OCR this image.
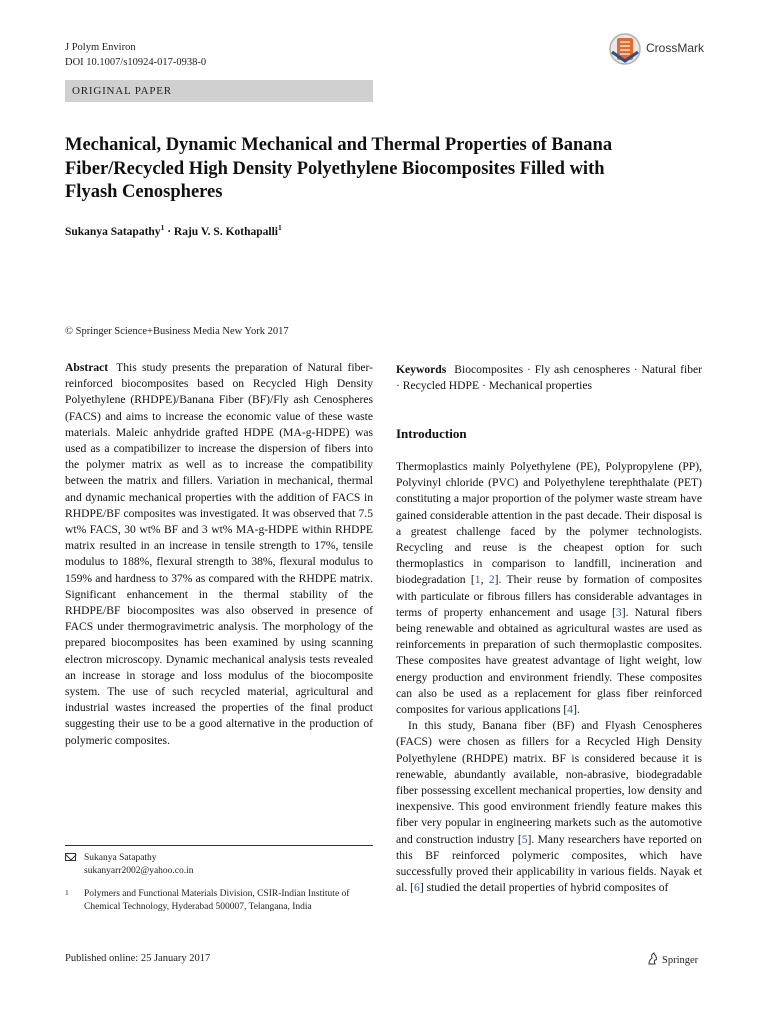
J Polym Environ
DOI 10.1007/s10924-017-0938-0
CrossMark
ORIGINAL PAPER
Mechanical, Dynamic Mechanical and Thermal Properties of Banana Fiber/Recycled High Density Polyethylene Biocomposites Filled with Flyash Cenospheres
Sukanya Satapathy$^1$ · Raju V. S. Kothapalli$^1$
© Springer Science+Business Media New York 2017

Abstract This study presents the preparation of Natural fiber-reinforced biocomposites based on Recycled High Density Polyethylene (RHDPE)/Banana Fiber (BF)/Fly ash Cenospheres (FACS) and aims to increase the economic value of these waste materials. Maleic anhydride grafted HDPE (MA-g-HDPE) was used as a compatibilizer to increase the dispersion of fibers into the polymer matrix as well as to increase the compatibility between the matrix and fillers. Variation in mechanical, thermal and dynamic mechanical properties with the addition of FACS in RHDPE/BF composites was investigated. It was observed that 7.5 wt% FACS, 30 wt% BF and 3 wt% MA-g-HDPE within RHDPE matrix resulted in an increase in tensile strength to 17%, tensile modulus to 188%, flexural strength to 38%, flexural modulus to 159% and hardness to 37% as compared with the RHDPE matrix. Significant enhancement in the thermal stability of the RHDPE/BF biocomposites was also observed in presence of FACS under thermogravimetric analysis. The morphology of the prepared biocomposites has been examined by using scanning electron microscopy. Dynamic mechanical analysis tests revealed an increase in storage and loss modulus of the biocomposite system. The use of such recycled material, agricultural and industrial wastes increased the properties of the final product suggesting their use to be a good alternative in the production of polymeric composites.

Keywords Biocomposites · Fly ash cenospheres · Natural fiber · Recycled HDPE · Mechanical properties

Introduction

Thermoplastics mainly Polyethylene (PE), Polypropylene (PP), Polyvinyl chloride (PVC) and Polyethylene terephthalate (PET) constituting a major proportion of the polymer waste stream have gained considerable attention in the past decade. Their disposal is a greatest challenge faced by the polymer technologists. Recycling and reuse is the cheapest option for such thermoplastics in comparison to landfill, incineration and biodegradation [1, 2]. Their reuse by formation of composites with particulate or fibrous fillers has considerable advantages in terms of property enhancement and usage [3]. Natural fibers being renewable and obtained as agricultural wastes are used as reinforcements in preparation of such thermoplastic composites. These composites have greatest advantage of light weight, low energy production and environment friendly. These composites can also be used as a replacement for glass fiber reinforced composites for various applications [4].

In this study, Banana fiber (BF) and Flyash Cenospheres (FACS) were chosen as fillers for a Recycled High Density Polyethylene (RHDPE) matrix. BF is considered because it is renewable, abundantly available, non-abrasive, biodegradable fiber possessing excellent mechanical properties, low density and inexpensive. This good environment friendly feature makes this fiber very popular in engineering markets such as the automotive and construction industry [5]. Many researchers have reported on this BF reinforced polymeric composites, which have successfully proved their applicability in various fields. Nayak et al. [6] studied the detail properties of hybrid composites of

Sukanya Satapathy
sukanyarr2002@yahoo.co.in
1 Polymers and Functional Materials Division, CSIR-Indian Institute of Chemical Technology, Hyderabad 500007, Telangana, India
Published online: 25 January 2017	Springer
